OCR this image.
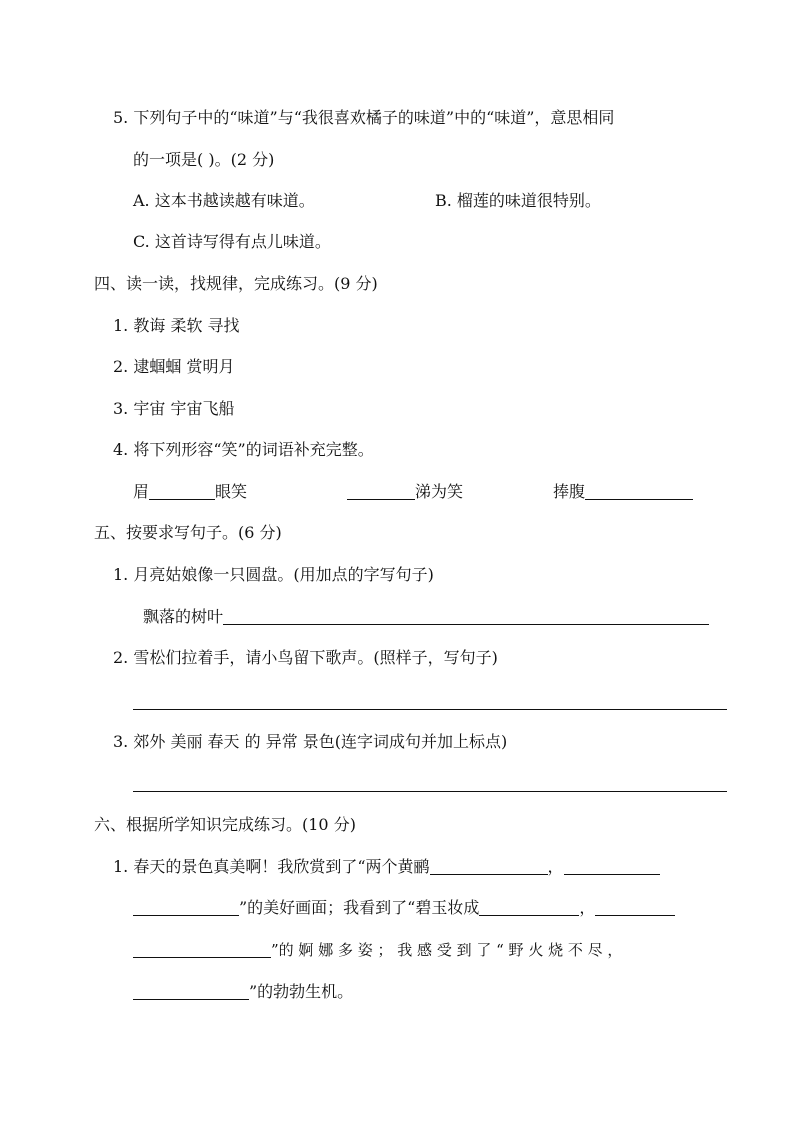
5. 下列句子中的“味道”与“我很喜欢橘子的味道”中的“味道”，意思相同
的一项是( )。(2 分)
A. 这本书越读越有味道。	B. 榴莲的味道很特别。
C. 这首诗写得有点儿味道。
四、读一读，找规律，完成练习。(9 分)
1. 教诲 柔软 寻找
2. 逮蝈蝈 赏明月
3. 宇宙 宇宙飞船
4. 将下列形容“笑”的词语补充完整。
眉	眼笑	涕为笑	捧腹
五、按要求写句子。(6 分)
1. 月亮姑娘像一只圆盘。(用加点的字写句子)
飘落的树叶
2. 雪松们拉着手，请小鸟留下歌声。(照样子，写句子)
3. 郊外 美丽 春天 的 异常 景色(连字词成句并加上标点)
六、根据所学知识完成练习。(10 分)
1. 春天的景色真美啊！我欣赏到了“两个黄鹂	，
”的美好画面；我看到了“碧玉妆成	，
”的 婀 娜 多 姿 ； 我 感 受 到 了 “ 野 火 烧 不 尽 ，
”的勃勃生机。
